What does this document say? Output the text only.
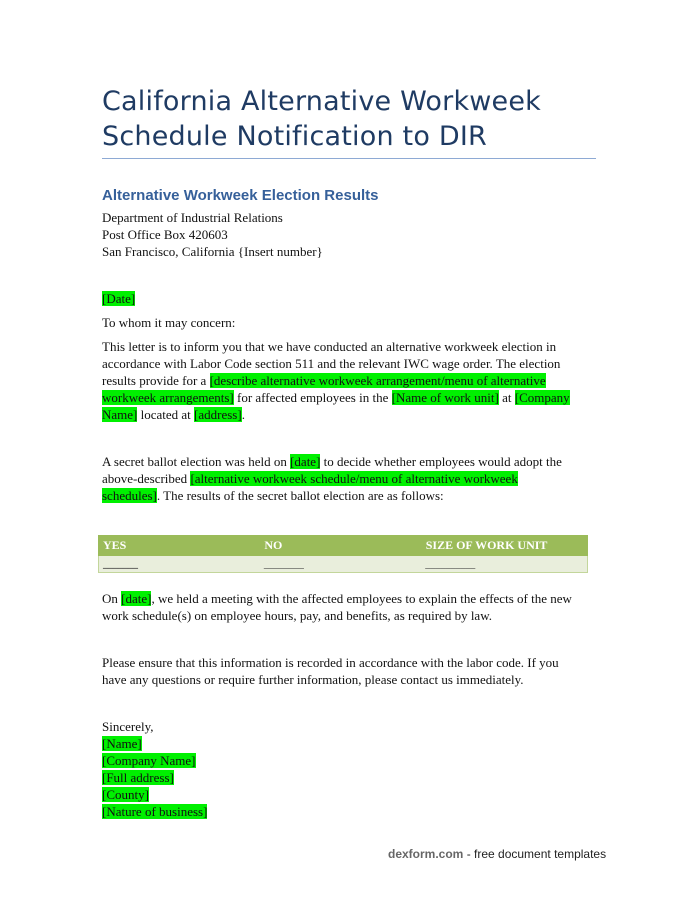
California Alternative Workweek
Schedule Notification to DIR
Alternative Workweek Election Results
Department of Industrial Relations
Post Office Box 420603
San Francisco, California {Insert number}
[Date]
To whom it may concern:
This letter is to inform you that we have conducted an alternative workweek election in
accordance with Labor Code section 511 and the relevant IWC wage order. The election
results provide for a [describe alternative workweek arrangement/menu of alternative
workweek arrangements] for affected employees in the [Name of work unit] at [Company
Name] located at [address].
A secret ballot election was held on [date] to decide whether employees would adopt the
above-described [alternative workweek schedule/menu of alternative workweek
schedules]. The results of the secret ballot election are as follows:
YES	NO	SIZE OF WORK UNIT
_______	________	__________
On [date], we held a meeting with the affected employees to explain the effects of the new
work schedule(s) on employee hours, pay, and benefits, as required by law.
Please ensure that this information is recorded in accordance with the labor code. If you
have any questions or require further information, please contact us immediately.
Sincerely,
[Name]
[Company Name]
[Full address]
[County]
[Nature of business]
dexform.com - free document templates
